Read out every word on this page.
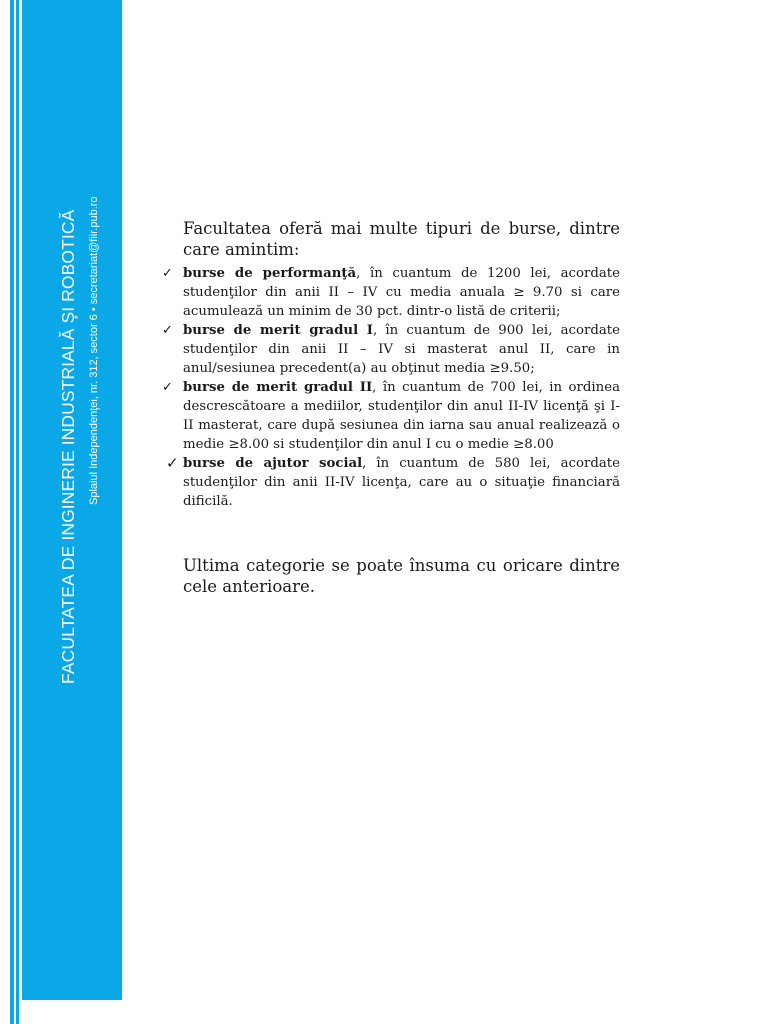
FACULTATEA DE INGINERIE INDUSTRIALĂ ŞI ROBOTICĂ Splaiul Independenţei, nr. 312, sector 6 • secretariat@fiir.pub.ro	Facultatea oferă mai multe tipuri de burse, dintre care amintim:

✓ burse de performanţă, în cuantum de 1200 lei, acordate studenţilor din anii II – IV cu media anuala ≥ 9.70 si care acumulează un minim de 30 pct. dintr-o listă de criterii;
✓ burse de merit gradul I, în cuantum de 900 lei, acordate studenţilor din anii II – IV si masterat anul II, care in anul/sesiunea precedent(a) au obţinut media ≥9.50;
✓ burse de merit gradul II, în cuantum de 700 lei, in ordinea descrescătoare a mediilor, studenţilor din anul II-IV licenţă şi I-II masterat, care după sesiunea din iarna sau anual realizează o medie ≥8.00 si studenţilor din anul I cu o medie ≥8.00
✓ burse de ajutor social, în cuantum de 580 lei, acordate studenţilor din anii II-IV licenţa, care au o situaţie financiară dificilă.

Ultima categorie se poate însuma cu oricare dintre cele anterioare.
